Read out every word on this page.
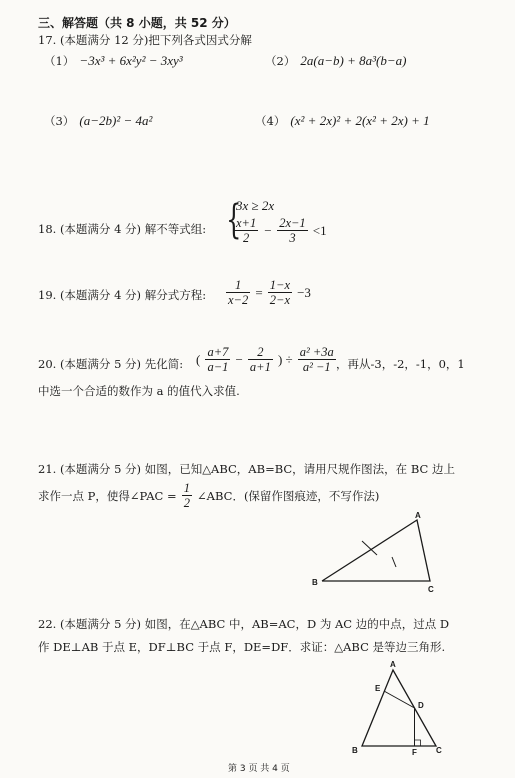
三、解答题（共 8 小题，共 52 分）
17. (本题满分 12 分)把下列各式因式分解
（1） −3x³ + 6x²y² − 3xy³	（2） 2a(a−b) + 8a³(b−a)
（3） (a−2b)² − 4a²	（4） (x² + 2x)² + 2(x² + 2x) + 1
18. (本题满分 4 分) 解不等式组: {
3x ≥ 2x
$\frac{x+1}{2} - \frac{2x-1}{3} <1$
19. (本题满分 4 分) 解分式方程: $\frac{1}{x-2} = \frac{1-x}{2-x} -3$
20. (本题满分 5 分) 先化简: ( $\frac{a+7}{a-1} - \frac{2}{a+1}$ ) ÷ $\frac{\text{a² +3a}}{\text{a² −1}}$ ，再从-3，-2，-1，0，1
中选一个合适的数作为 a 的值代入求值.
21. (本题满分 5 分) 如图，已知△ABC，AB=BC，请用尺规作图法，在 BC 边上
求作一点 P，使得∠PAC = $\frac{1}{2}$ ∠ABC．(保留作图痕迹，不写作法)
A
B
C
22. (本题满分 5 分) 如图，在△ABC 中，AB=AC，D 为 AC 边的中点，过点 D
作 DE⊥AB 于点 E，DF⊥BC 于点 F，DE=DF．求证：△ABC 是等边三角形.
A
B	C
D
E
F
第 3 页 共 4 页
